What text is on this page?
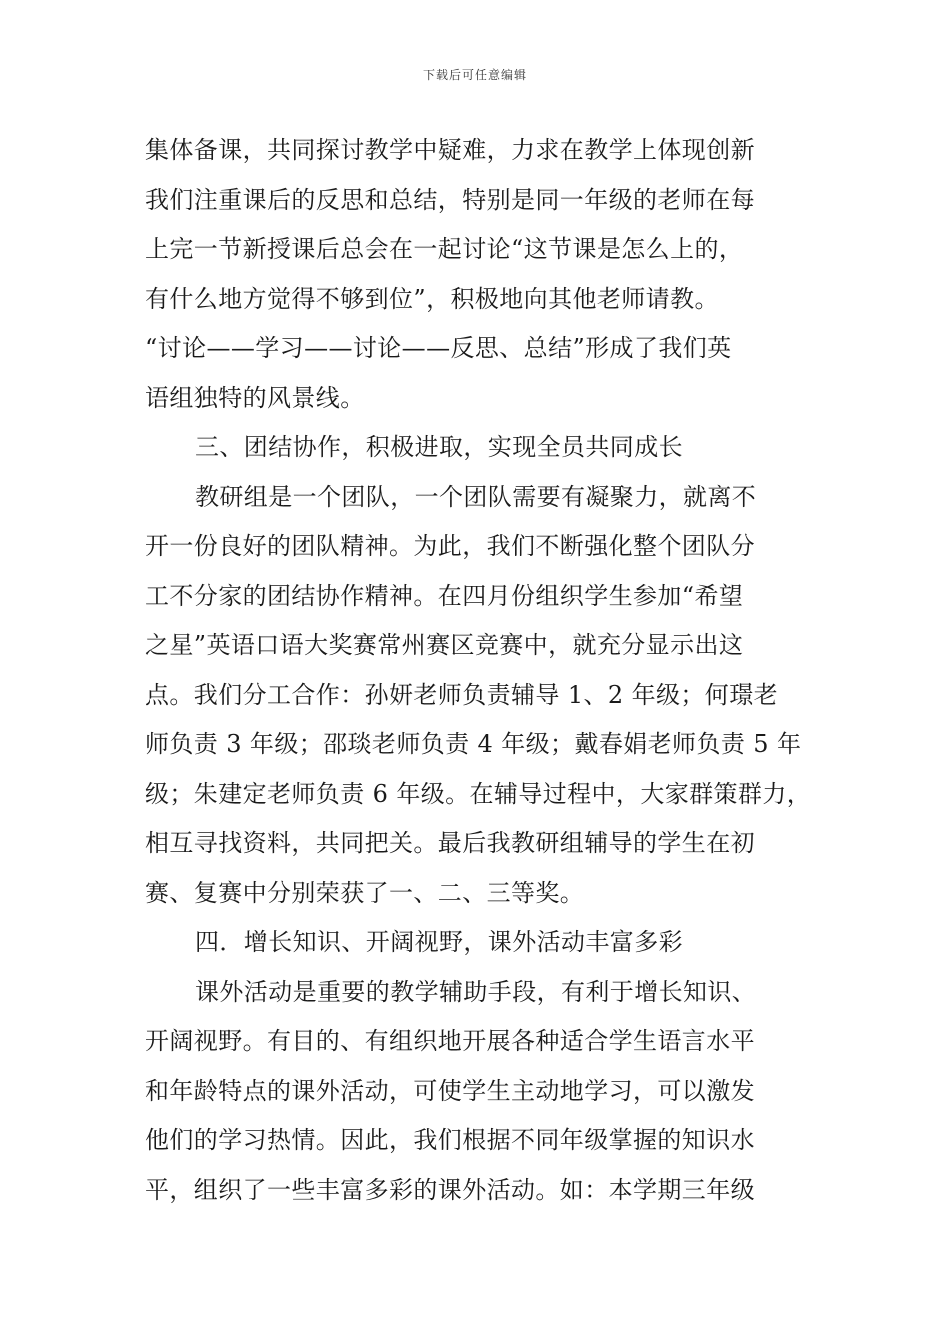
下载后可任意编辑
集体备课，共同探讨教学中疑难，力求在教学上体现创新
我们注重课后的反思和总结，特别是同一年级的老师在每
上完一节新授课后总会在一起讨论“这节课是怎么上的，
有什么地方觉得不够到位”，积极地向其他老师请教。
“讨论——学习——讨论——反思、总结”形成了我们英
语组独特的风景线。
三、团结协作，积极进取，实现全员共同成长
教研组是一个团队，一个团队需要有凝聚力，就离不
开一份良好的团队精神。为此，我们不断强化整个团队分
工不分家的团结协作精神。在四月份组织学生参加“希望
之星”英语口语大奖赛常州赛区竞赛中，就充分显示出这
点。我们分工合作：孙妍老师负责辅导 1、2 年级；何璟老
师负责 3 年级；邵琰老师负责 4 年级；戴春娟老师负责 5 年
级；朱建定老师负责 6 年级。在辅导过程中，大家群策群力，
相互寻找资料，共同把关。最后我教研组辅导的学生在初
赛、复赛中分别荣获了一、二、三等奖。
四．增长知识、开阔视野，课外活动丰富多彩
课外活动是重要的教学辅助手段，有利于增长知识、
开阔视野。有目的、有组织地开展各种适合学生语言水平
和年龄特点的课外活动，可使学生主动地学习，可以激发
他们的学习热情。因此，我们根据不同年级掌握的知识水
平，组织了一些丰富多彩的课外活动。如：本学期三年级
